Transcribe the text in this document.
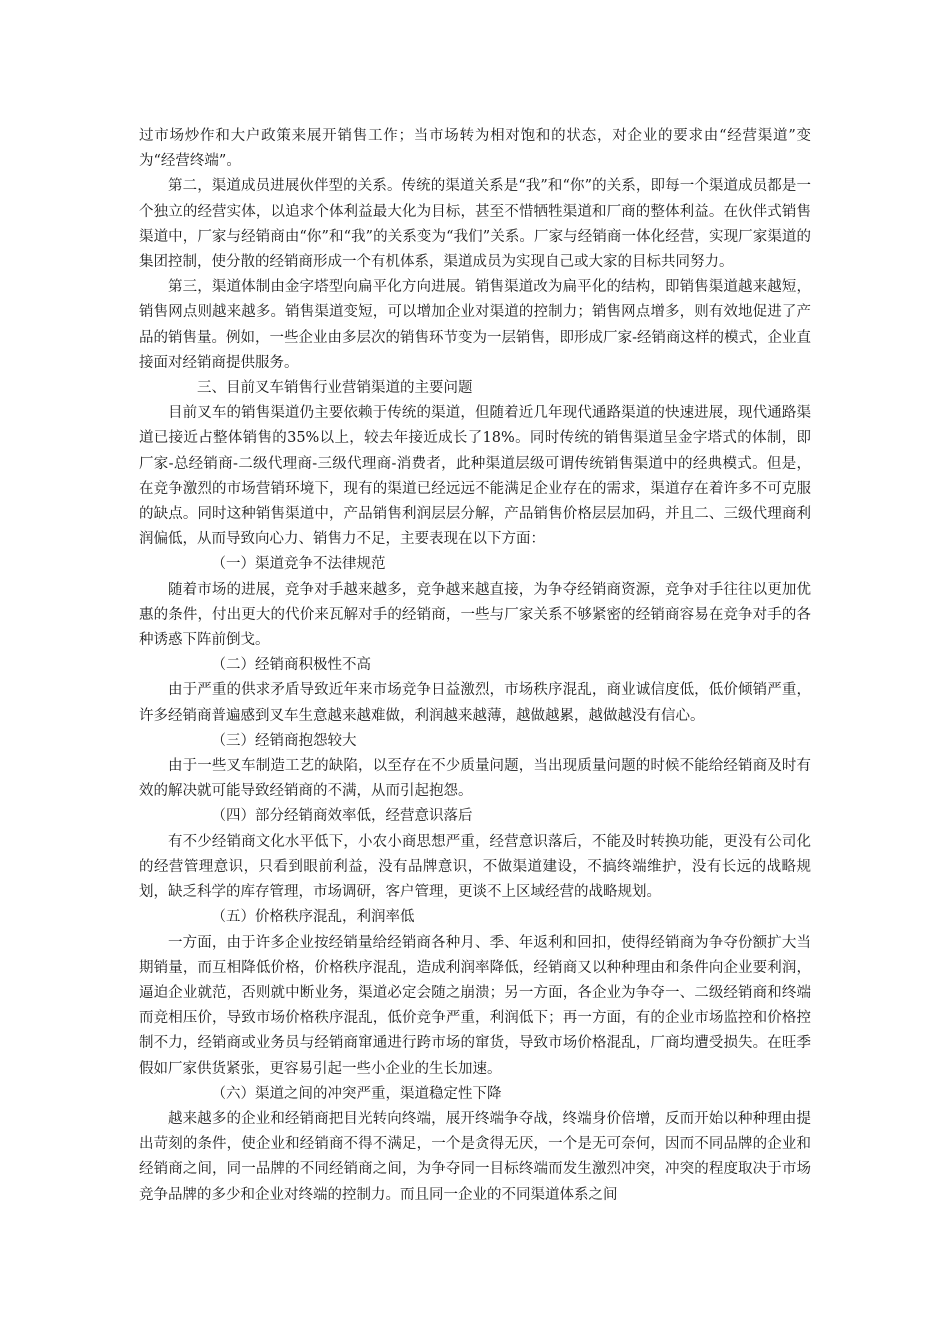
过市场炒作和大户政策来展开销售工作；当市场转为相对饱和的状态，对企业的要求由“经营渠道”变为“经营终端”。

第二，渠道成员进展伙伴型的关系。传统的渠道关系是“我”和“你”的关系，即每一个渠道成员都是一个独立的经营实体，以追求个体利益最大化为目标，甚至不惜牺牲渠道和厂商的整体利益。在伙伴式销售渠道中，厂家与经销商由“你”和“我”的关系变为“我们”关系。厂家与经销商一体化经营，实现厂家渠道的集团控制，使分散的经销商形成一个有机体系，渠道成员为实现自己或大家的目标共同努力。

第三，渠道体制由金字塔型向扁平化方向进展。销售渠道改为扁平化的结构，即销售渠道越来越短，销售网点则越来越多。销售渠道变短，可以增加企业对渠道的控制力；销售网点增多，则有效地促进了产品的销售量。例如，一些企业由多层次的销售环节变为一层销售，即形成厂家-经销商这样的模式，企业直接面对经销商提供服务。

三、目前叉车销售行业营销渠道的主要问题

目前叉车的销售渠道仍主要依赖于传统的渠道，但随着近几年现代通路渠道的快速进展，现代通路渠道已接近占整体销售的35%以上，较去年接近成长了18%。同时传统的销售渠道呈金字塔式的体制，即厂家-总经销商-二级代理商-三级代理商-消费者，此种渠道层级可谓传统销售渠道中的经典模式。但是，在竞争激烈的市场营销环境下，现有的渠道已经远远不能满足企业存在的需求，渠道存在着许多不可克服的缺点。同时这种销售渠道中，产品销售利润层层分解，产品销售价格层层加码，并且二、三级代理商利润偏低，从而导致向心力、销售力不足，主要表现在以下方面：

（一）渠道竞争不法律规范

随着市场的进展，竞争对手越来越多，竞争越来越直接，为争夺经销商资源，竞争对手往往以更加优惠的条件，付出更大的代价来瓦解对手的经销商，一些与厂家关系不够紧密的经销商容易在竞争对手的各种诱惑下阵前倒戈。

（二）经销商积极性不高

由于严重的供求矛盾导致近年来市场竞争日益激烈，市场秩序混乱，商业诚信度低，低价倾销严重，许多经销商普遍感到叉车生意越来越难做，利润越来越薄，越做越累，越做越没有信心。

（三）经销商抱怨较大

由于一些叉车制造工艺的缺陷，以至存在不少质量问题，当出现质量问题的时候不能给经销商及时有效的解决就可能导致经销商的不满，从而引起抱怨。

（四）部分经销商效率低，经营意识落后

有不少经销商文化水平低下，小农小商思想严重，经营意识落后，不能及时转换功能，更没有公司化的经营管理意识，只看到眼前利益，没有品牌意识，不做渠道建设，不搞终端维护，没有长远的战略规划，缺乏科学的库存管理，市场调研，客户管理，更谈不上区域经营的战略规划。

（五）价格秩序混乱，利润率低

一方面，由于许多企业按经销量给经销商各种月、季、年返利和回扣，使得经销商为争夺份额扩大当期销量，而互相降低价格，价格秩序混乱，造成利润率降低，经销商又以种种理由和条件向企业要利润，逼迫企业就范，否则就中断业务，渠道必定会随之崩溃；另一方面，各企业为争夺一、二级经销商和终端而竞相压价，导致市场价格秩序混乱，低价竞争严重，利润低下；再一方面，有的企业市场监控和价格控制不力，经销商或业务员与经销商窜通进行跨市场的窜货，导致市场价格混乱，厂商均遭受损失。在旺季假如厂家供货紧张，更容易引起一些小企业的生长加速。

（六）渠道之间的冲突严重，渠道稳定性下降

越来越多的企业和经销商把目光转向终端，展开终端争夺战，终端身价倍增，反而开始以种种理由提出苛刻的条件，使企业和经销商不得不满足，一个是贪得无厌，一个是无可奈何，因而不同品牌的企业和经销商之间，同一品牌的不同经销商之间，为争夺同一目标终端而发生激烈冲突，冲突的程度取决于市场竞争品牌的多少和企业对终端的控制力。而且同一企业的不同渠道体系之间
